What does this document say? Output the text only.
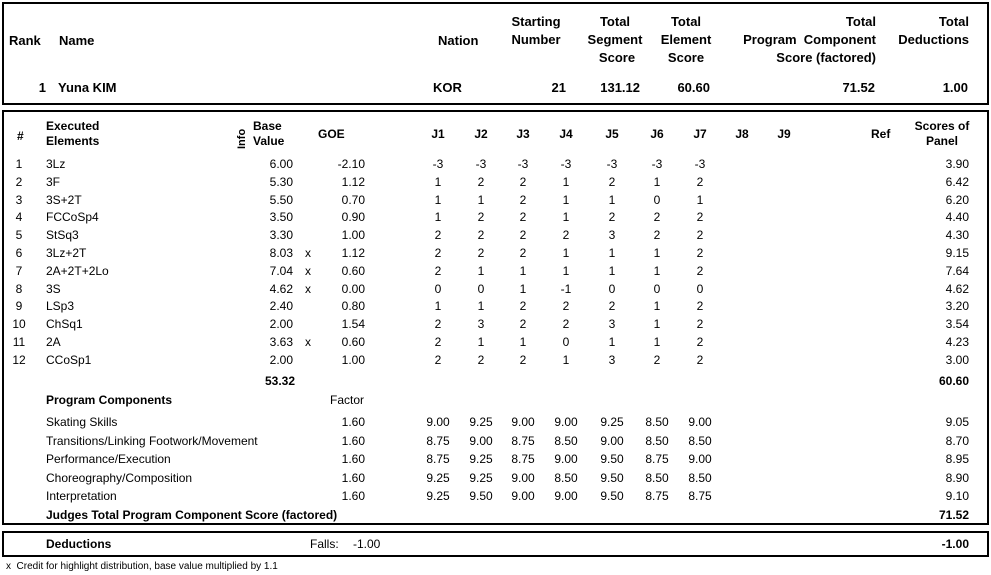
Rank Name	Nation
Starting
Number
Total
Segment
Score
Total
Element
Score
Total
Program  Component
Score (factored)
Total
Deductions
1 Yuna KIM	KOR	21	131.12	60.60	71.52	1.00
#
Executed
Elements	Info
Base
Value	GOE	J1	J2	J3	J4	J5	J6	J7	J8	J9	Ref
Scores of
Panel
1	3Lz	6.00	-2.10	-3	-3	-3	-3	-3	-3	-3	3.90
2	3F	5.30	1.12	1	2	2	1	2	1	2	6.42
3	3S+2T	5.50	0.70	1	1	2	1	1	0	1	6.20
4	FCCoSp4	3.50	0.90	1	2	2	1	2	2	2	4.40
5	StSq3	3.30	1.00	2	2	2	2	3	2	2	4.30
6	3Lz+2T	8.03 x	1.12	2	2	2	1	1	1	2	9.15
7	2A+2T+2Lo	7.04 x	0.60	2	1	1	1	1	1	2	7.64
8	3S	4.62 x	0.00	0	0	1	-1	0	0	0	4.62
9	LSp3	2.40	0.80	1	1	2	2	2	1	2	3.20
10 ChSq1	2.00	1.54	2	3	2	2	3	1	2	3.54
11 2A	3.63 x	0.60	2	1	1	0	1	1	2	4.23
12 CCoSp1	2.00	1.00	2	2	2	1	3	2	2	3.00
53.32	60.60
Program Components	Factor
Skating Skills	1.60	9.00	9.25	9.00	9.00	9.25	8.50	9.00	9.05
Transitions/Linking Footwork/Movement	1.60	8.75	9.00	8.75	8.50	9.00	8.50	8.50	8.70
Performance/Execution	1.60	8.75	9.25	8.75	9.00	9.50	8.75	9.00	8.95
Choreography/Composition	1.60	9.25	9.25	9.00	8.50	9.50	8.50	8.50	8.90
Interpretation	1.60	9.25	9.50	9.00	9.00	9.50	8.75	8.75	9.10
Judges Total Program Component Score (factored)	71.52
Deductions	Falls: -1.00	-1.00
x  Credit for highlight distribution, base value multiplied by 1.1
